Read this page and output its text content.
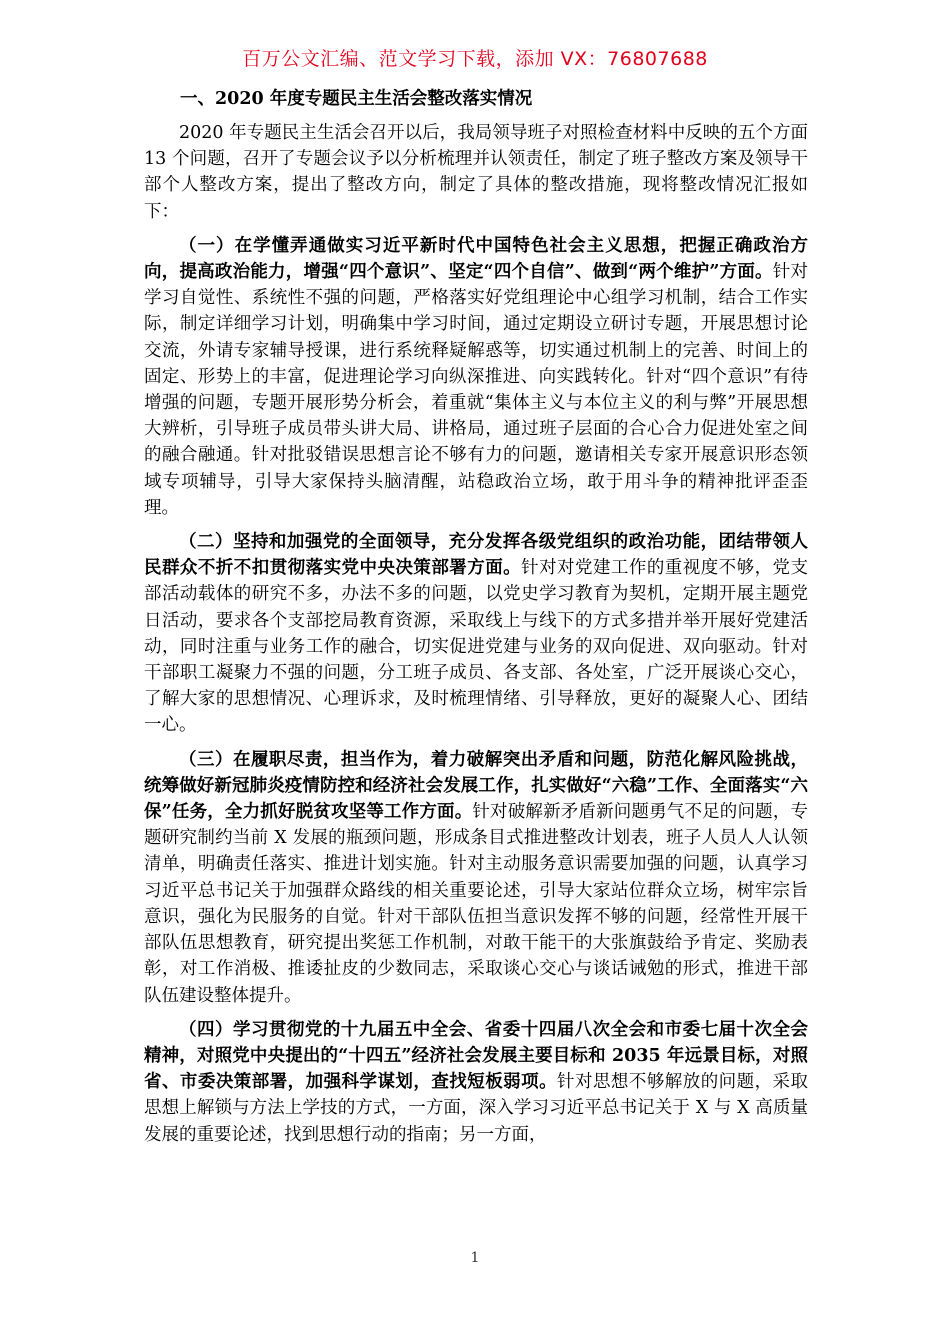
百万公文汇编、范文学习下载，添加 VX：76807688
一、2020 年度专题民主生活会整改落实情况

2020 年专题民主生活会召开以后，我局领导班子对照检查材料中反映的五个方面 13 个问题，召开了专题会议予以分析梳理并认领责任，制定了班子整改方案及领导干部个人整改方案，提出了整改方向，制定了具体的整改措施，现将整改情况汇报如下：

（一）在学懂弄通做实习近平新时代中国特色社会主义思想，把握正确政治方向，提高政治能力，增强“四个意识”、坚定“四个自信”、做到“两个维护”方面。针对学习自觉性、系统性不强的问题，严格落实好党组理论中心组学习机制，结合工作实际，制定详细学习计划，明确集中学习时间，通过定期设立研讨专题，开展思想讨论交流，外请专家辅导授课，进行系统释疑解惑等，切实通过机制上的完善、时间上的固定、形势上的丰富，促进理论学习向纵深推进、向实践转化。针对“四个意识”有待增强的问题，专题开展形势分析会，着重就“集体主义与本位主义的利与弊”开展思想大辨析，引导班子成员带头讲大局、讲格局，通过班子层面的合心合力促进处室之间的融合融通。针对批驳错误思想言论不够有力的问题，邀请相关专家开展意识形态领域专项辅导，引导大家保持头脑清醒，站稳政治立场，敢于用斗争的精神批评歪歪理。

（二）坚持和加强党的全面领导，充分发挥各级党组织的政治功能，团结带领人民群众不折不扣贯彻落实党中央决策部署方面。针对对党建工作的重视度不够，党支部活动载体的研究不多，办法不多的问题，以党史学习教育为契机，定期开展主题党日活动，要求各个支部挖局教育资源，采取线上与线下的方式多措并举开展好党建活动，同时注重与业务工作的融合，切实促进党建与业务的双向促进、双向驱动。针对干部职工凝聚力不强的问题，分工班子成员、各支部、各处室，广泛开展谈心交心，了解大家的思想情况、心理诉求，及时梳理情绪、引导释放，更好的凝聚人心、团结一心。

（三）在履职尽责，担当作为，着力破解突出矛盾和问题，防范化解风险挑战，统筹做好新冠肺炎疫情防控和经济社会发展工作，扎实做好“六稳”工作、全面落实“六保”任务，全力抓好脱贫攻坚等工作方面。针对破解新矛盾新问题勇气不足的问题，专题研究制约当前 X 发展的瓶颈问题，形成条目式推进整改计划表，班子人员人人认领清单，明确责任落实、推进计划实施。针对主动服务意识需要加强的问题，认真学习习近平总书记关于加强群众路线的相关重要论述，引导大家站位群众立场，树牢宗旨意识，强化为民服务的自觉。针对干部队伍担当意识发挥不够的问题，经常性开展干部队伍思想教育，研究提出奖惩工作机制，对敢干能干的大张旗鼓给予肯定、奖励表彰，对工作消极、推诿扯皮的少数同志，采取谈心交心与谈话诫勉的形式，推进干部队伍建设整体提升。

（四）学习贯彻党的十九届五中全会、省委十四届八次全会和市委七届十次全会精神，对照党中央提出的“十四五”经济社会发展主要目标和 2035 年远景目标，对照省、市委决策部署，加强科学谋划，查找短板弱项。针对思想不够解放的问题，采取思想上解锁与方法上学技的方式，一方面，深入学习习近平总书记关于 X 与 X 高质量发展的重要论述，找到思想行动的指南；另一方面，

1
